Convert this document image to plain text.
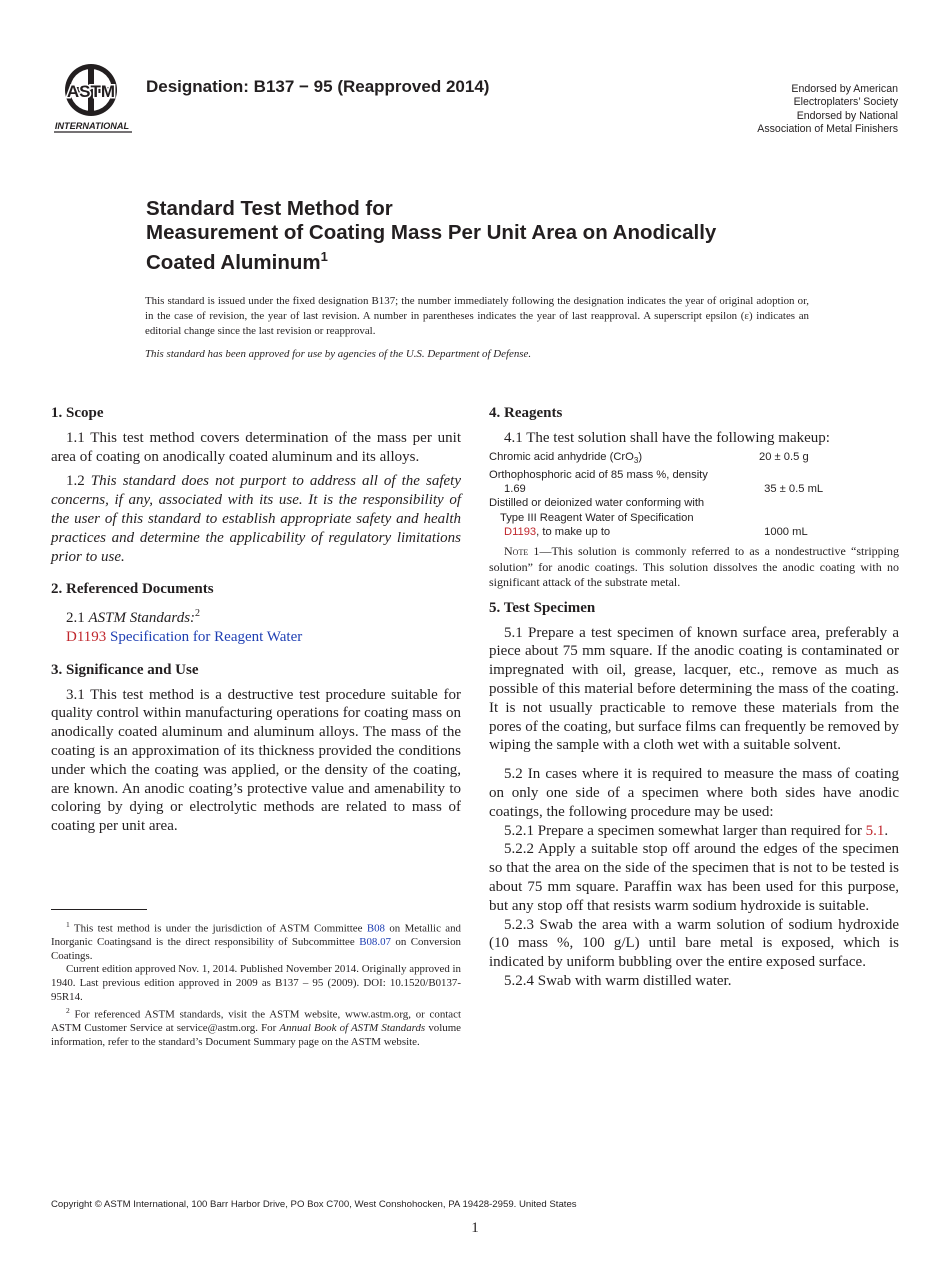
ASTM
INTERNATIONAL
Designation: B137 − 95 (Reapproved 2014)	Endorsed by American
Electroplaters’ Society
Endorsed by National
Association of Metal Finishers
Standard Test Method for
Measurement of Coating Mass Per Unit Area on Anodically
Coated Aluminum$^1$
This standard is issued under the fixed designation B137; the number immediately following the designation indicates the year of original adoption or, in the case of revision, the year of last revision. A number in parentheses indicates the year of last reapproval. A superscript epsilon (ε) indicates an editorial change since the last revision or reapproval.
This standard has been approved for use by agencies of the U.S. Department of Defense.
1. Scope

1.1 This test method covers determination of the mass per unit area of coating on anodically coated aluminum and its alloys.

1.2 This standard does not purport to address all of the safety concerns, if any, associated with its use. It is the responsibility of the user of this standard to establish appropriate safety and health practices and determine the applicability of regulatory limitations prior to use.

2. Referenced Documents

2.1 ASTM Standards:$^2$

D1193 Specification for Reagent Water

3. Significance and Use

3.1 This test method is a destructive test procedure suitable for quality control within manufacturing operations for coating mass on anodically coated aluminum and aluminum alloys. The mass of the coating is an approximation of its thickness provided the conditions under which the coating was applied, or the density of the coating, are known. An anodic coating’s protective value and amenability to coloring by dying or electrolytic methods are related to mass of coating per unit area.

$^1$ This test method is under the jurisdiction of ASTM Committee B08 on Metallic and Inorganic Coatingsand is the direct responsibility of Subcommittee B08.07 on Conversion Coatings.

Current edition approved Nov. 1, 2014. Published November 2014. Originally approved in 1940. Last previous edition approved in 2009 as B137 – 95 (2009). DOI: 10.1520/B0137-95R14.

$^2$ For referenced ASTM standards, visit the ASTM website, www.astm.org, or contact ASTM Customer Service at service@astm.org. For Annual Book of ASTM Standards volume information, refer to the standard’s Document Summary page on the ASTM website.

4. Reagents

4.1 The test solution shall have the following makeup:

Chromic acid anhydride (CrO$_3$)	20 ± 0.5 g
Orthophosphoric acid of 85 mass %, density
1.69	35 ± 0.5 mL
Distilled or deionized water conforming with
Type III Reagent Water of Specification
D1193, to make up to	1000 mL

Note 1—This solution is commonly referred to as a nondestructive “stripping solution” for anodic coatings. This solution dissolves the anodic coating with no significant attack of the substrate metal.

5. Test Specimen

5.1 Prepare a test specimen of known surface area, preferably a piece about 75 mm square. If the anodic coating is contaminated or impregnated with oil, grease, lacquer, etc., remove as much as possible of this material before determining the mass of the coating. It is not usually practicable to remove these materials from the pores of the coating, but surface films can frequently be removed by wiping the sample with a cloth wet with a suitable solvent.

5.2 In cases where it is required to measure the mass of coating on only one side of a specimen where both sides have anodic coatings, the following procedure may be used:

5.2.1 Prepare a specimen somewhat larger than required for 5.1.

5.2.2 Apply a suitable stop off around the edges of the specimen so that the area on the side of the specimen that is not to be tested is about 75 mm square. Paraffin wax has been used for this purpose, but any stop off that resists warm sodium hydroxide is suitable.

5.2.3 Swab the area with a warm solution of sodium hydroxide (10 mass %, 100 g/L) until bare metal is exposed, which is indicated by uniform bubbling over the entire exposed surface.

5.2.4 Swab with warm distilled water.

Copyright © ASTM International, 100 Barr Harbor Drive, PO Box C700, West Conshohocken, PA 19428-2959. United States
1
